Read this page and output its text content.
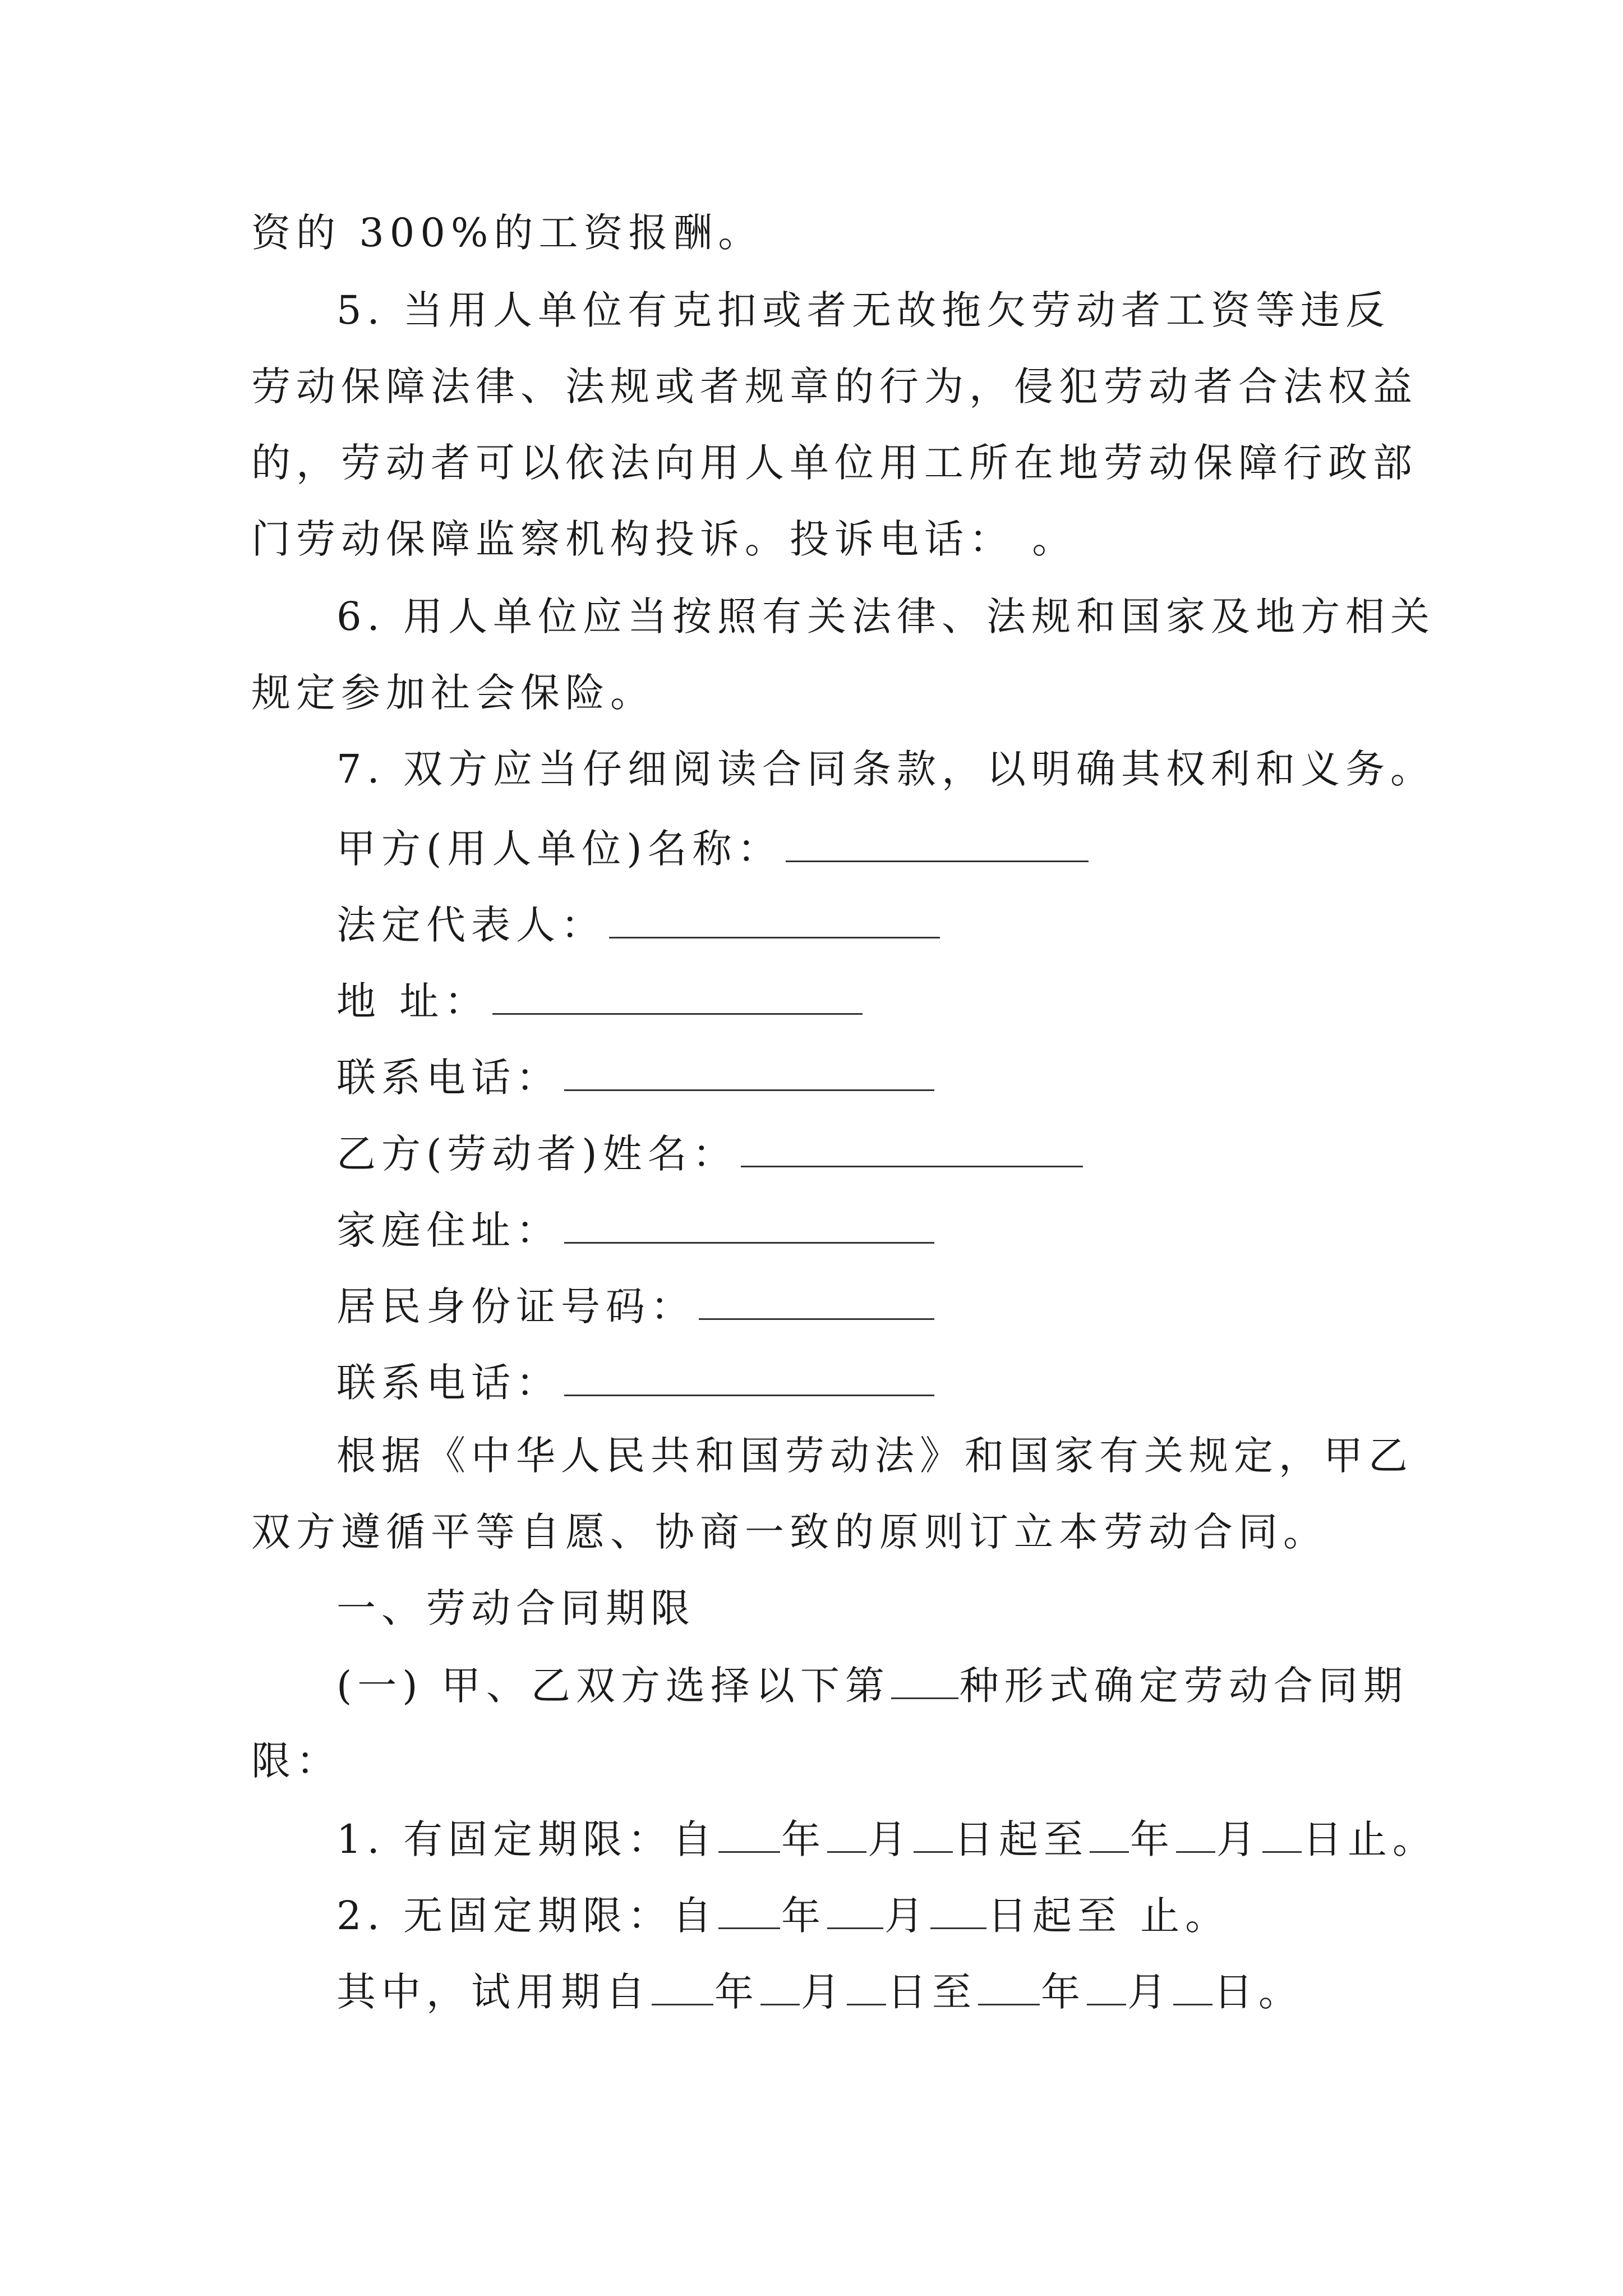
资的 300%的工资报酬。
5. 当用人单位有克扣或者无故拖欠劳动者工资等违反
劳动保障法律、法规或者规章的行为，侵犯劳动者合法权益
的，劳动者可以依法向用人单位用工所在地劳动保障行政部
门劳动保障监察机构投诉。投诉电话： 。
6. 用人单位应当按照有关法律、法规和国家及地方相关
规定参加社会保险。
7. 双方应当仔细阅读合同条款，以明确其权利和义务。
甲方(用人单位)名称：
法定代表人：
地 址：
联系电话：
乙方(劳动者)姓名：
家庭住址：
居民身份证号码：
联系电话：
根据《中华人民共和国劳动法》和国家有关规定，甲乙
双方遵循平等自愿、协商一致的原则订立本劳动合同。
一、劳动合同期限
(一) 甲、乙双方选择以下第 种形式确定劳动合同期
限：
1. 有固定期限：自 年 月 日起至 年 月 日止。
2. 无固定期限：自 年 月 日起至 止。
其中，试用期自 年 月 日至 年 月 日。
